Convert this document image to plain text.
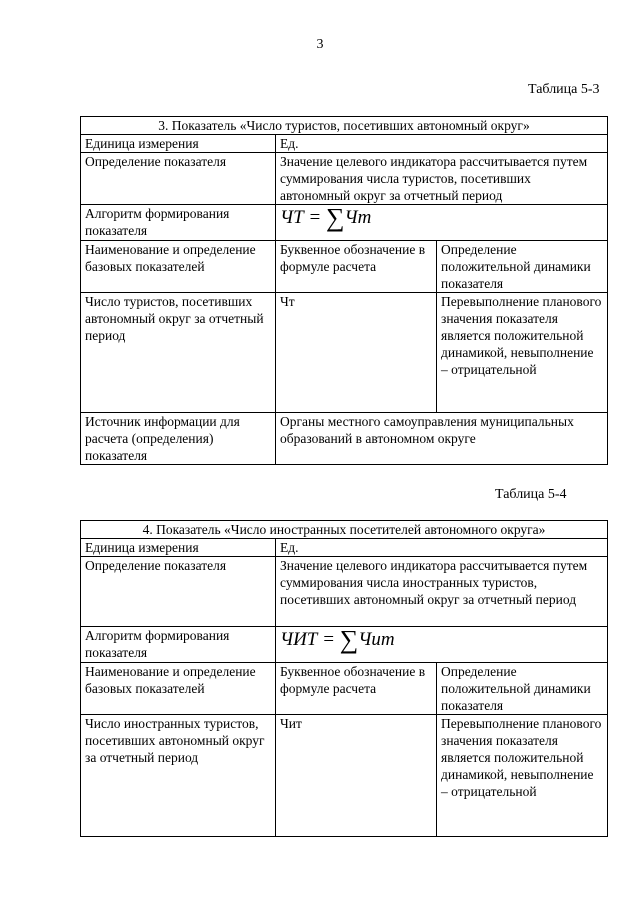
3
Таблица 5-3
3. Показатель «Число туристов, посетивших автономный округ»		
Единица измерения	Ед.	
Определение показателя	Значение целевого индикатора рассчитывается путем суммирования числа туристов, посетивших автономный округ за отчетный период	
Алгоритм формирования показателя	ЧТ = ∑Чт	
Наименование и определение базовых показателей	Буквенное обозначение в формуле расчета	Определение положительной динамики показателя
Число туристов, посетивших автономный округ за отчетный период	Чт	Перевыполнение планового значения показателя является положительной динамикой, невыполнение – отрицательной
Источник информации для расчета (определения) показателя	Органы местного самоуправления муниципальных образований в автономном округе	
Таблица 5-4
4. Показатель «Число иностранных посетителей автономного округа»		
Единица измерения	Ед.	
Определение показателя	Значение целевого индикатора рассчитывается путем суммирования числа иностранных туристов, посетивших автономный округ за отчетный период	
Алгоритм формирования показателя	ЧИТ = ∑Чит	
Наименование и определение базовых показателей	Буквенное обозначение в формуле расчета	Определение положительной динамики показателя
Число иностранных туристов, посетивших автономный округ за отчетный период	Чит	Перевыполнение планового значения показателя является положительной динамикой, невыполнение – отрицательной
